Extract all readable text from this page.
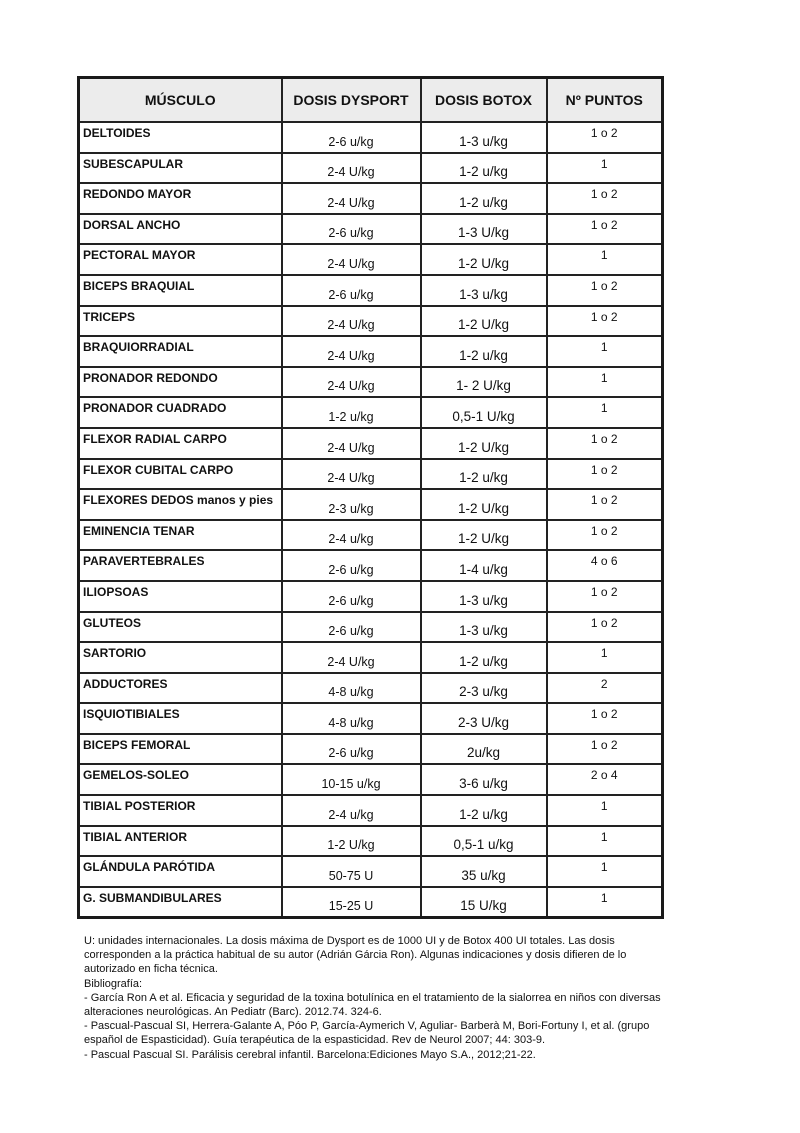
MÚSCULO	DOSIS DYSPORT	DOSIS BOTOX	Nº PUNTOS
DELTOIDES	2-6 u/kg	1-3 u/kg	1 o 2
SUBESCAPULAR	2-4 U/kg	1-2 u/kg	1
REDONDO MAYOR	2-4 U/kg	1-2 u/kg	1 o 2
DORSAL ANCHO	2-6 u/kg	1-3 U/kg	1 o 2
PECTORAL MAYOR	2-4 U/kg	1-2 U/kg	1
BICEPS BRAQUIAL	2-6 u/kg	1-3 u/kg	1 o 2
TRICEPS	2-4 U/kg	1-2 U/kg	1 o 2
BRAQUIORRADIAL	2-4 U/kg	1-2 u/kg	1
PRONADOR REDONDO	2-4 U/kg	1- 2 U/kg	1
PRONADOR CUADRADO	1-2 u/kg	0,5-1 U/kg	1
FLEXOR RADIAL CARPO	2-4 U/kg	1-2 U/kg	1 o 2
FLEXOR CUBITAL CARPO	2-4 U/kg	1-2 u/kg	1 o 2
FLEXORES DEDOS manos y pies	2-3 u/kg	1-2 U/kg	1 o 2
EMINENCIA TENAR	2-4 u/kg	1-2 U/kg	1 o 2
PARAVERTEBRALES	2-6 u/kg	1-4 u/kg	4 o 6
ILIOPSOAS	2-6 u/kg	1-3 u/kg	1 o 2
GLUTEOS	2-6 u/kg	1-3 u/kg	1 o 2
SARTORIO	2-4 U/kg	1-2 u/kg	1
ADDUCTORES	4-8 u/kg	2-3 u/kg	2
ISQUIOTIBIALES	4-8 u/kg	2-3 U/kg	1 o 2
BICEPS FEMORAL	2-6 u/kg	2u/kg	1 o 2
GEMELOS-SOLEO	10-15 u/kg	3-6 u/kg	2 o 4
TIBIAL POSTERIOR	2-4 u/kg	1-2 u/kg	1
TIBIAL ANTERIOR	1-2 U/kg	0,5-1 u/kg	1
GLÁNDULA PARÓTIDA	50-75 U	35 u/kg	1
G. SUBMANDIBULARES	15-25 U	15 U/kg	1

U: unidades internacionales. La dosis máxima de Dysport es de 1000 UI y de Botox 400 UI totales. Las dosis corresponden a la práctica habitual de su autor (Adrián Gárcia Ron). Algunas indicaciones y dosis difieren de lo autorizado en ficha técnica.

Bibliografía:

- García Ron A et al. Eficacia y seguridad de la toxina botulínica en el tratamiento de la sialorrea en niños con diversas alteraciones neurológicas. An Pediatr (Barc). 2012.74. 324-6.

- Pascual-Pascual SI, Herrera-Galante A, Póo P, García-Aymerich V, Aguliar- Barberà M, Bori-Fortuny I, et al. (grupo español de Espasticidad). Guía terapéutica de la espasticidad. Rev de Neurol 2007; 44: 303-9.

- Pascual Pascual SI. Parálisis cerebral infantil. Barcelona:Ediciones Mayo S.A., 2012;21-22.
